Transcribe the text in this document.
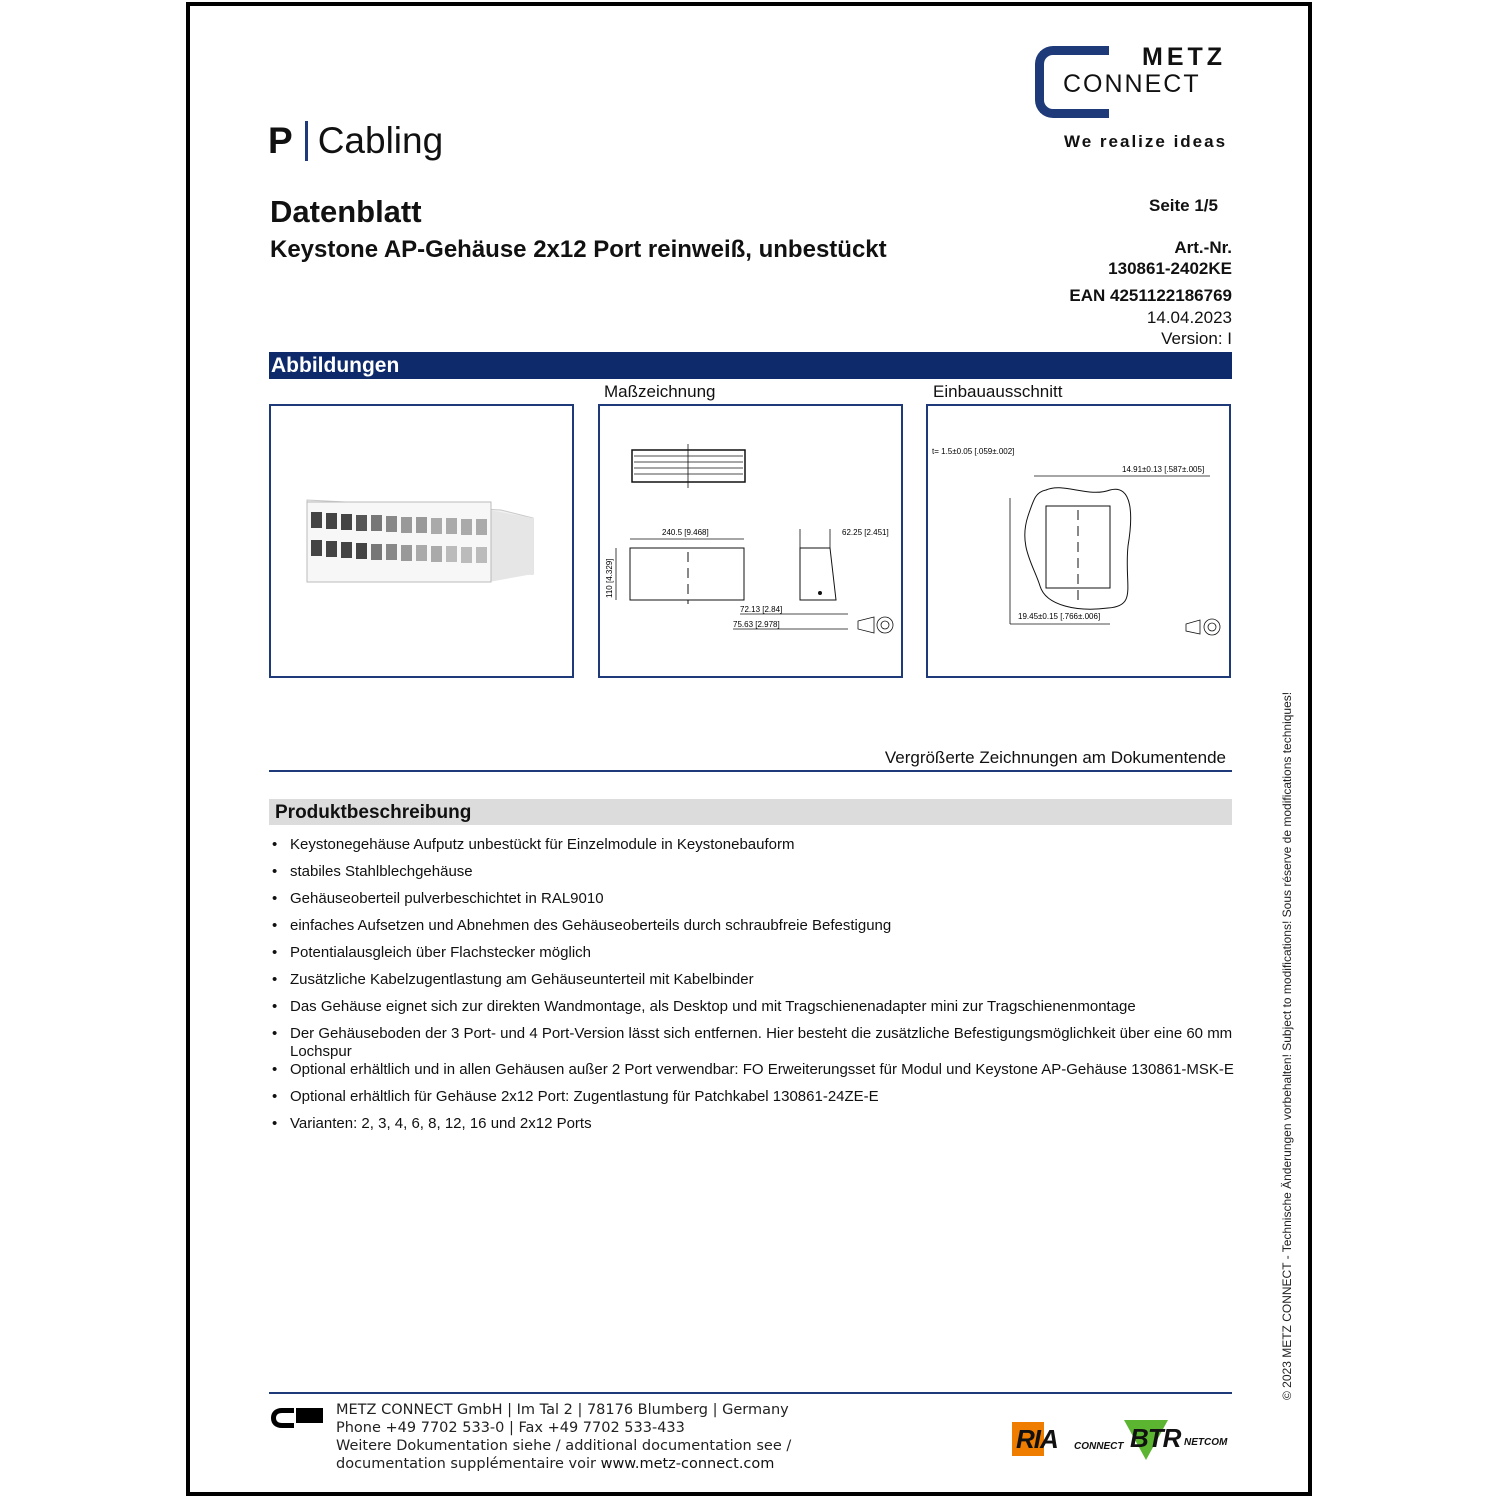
METZ
CONNECT
We realize ideas
P Cabling
Datenblatt
Keystone AP-Gehäuse 2x12 Port reinweiß, unbestückt
Seite 1/5
Art.-Nr.
130861-2402KE
EAN 4251122186769
14.04.2023
Version: I
Abbildungen
Maßzeichnung	Einbauausschnitt
240.5 [9.468]
110 [4.329]
62.25 [2.451]
72.13 [2.84]
75.63 [2.978]
t= 1.5±0.05 [.059±.002]
14.91±0.13 [.587±.005]
19.45±0.15 [.766±.006]
Vergrößerte Zeichnungen am Dokumentende
Produktbeschreibung
• Keystonegehäuse Aufputz unbestückt für Einzelmodule in Keystonebauform
• stabiles Stahlblechgehäuse
• Gehäuseoberteil pulverbeschichtet in RAL9010
• einfaches Aufsetzen und Abnehmen des Gehäuseoberteils durch schraubfreie Befestigung
• Potentialausgleich über Flachstecker möglich
• Zusätzliche Kabelzugentlastung am Gehäuseunterteil mit Kabelbinder
• Das Gehäuse eignet sich zur direkten Wandmontage, als Desktop und mit Tragschienenadapter mini zur Tragschienenmontage
• Der Gehäuseboden der 3 Port- und 4 Port-Version lässt sich entfernen. Hier besteht die zusätzliche Befestigungsmöglichkeit über eine 60 mm Lochspur
• Optional erhältlich und in allen Gehäusen außer 2 Port verwendbar: FO Erweiterungsset für Modul und Keystone AP-Gehäuse 130861-MSK-E
• Optional erhältlich für Gehäuse 2x12 Port: Zugentlastung für Patchkabel 130861-24ZE-E
• Varianten: 2, 3, 4, 6, 8, 12, 16 und 2x12 Ports	© 2023 METZ CONNECT - Technische Änderungen vorbehalten! Subject to modifications! Sous réserve de modifications techniques!
METZ CONNECT GmbH | Im Tal 2 | 78176 Blumberg | Germany
Phone +49 7702 533-0 | Fax +49 7702 533-433
Weitere Dokumentation siehe / additional documentation see /
documentation supplémentaire voir www.metz-connect.com
RIA CONNECT BTR NETCOM
